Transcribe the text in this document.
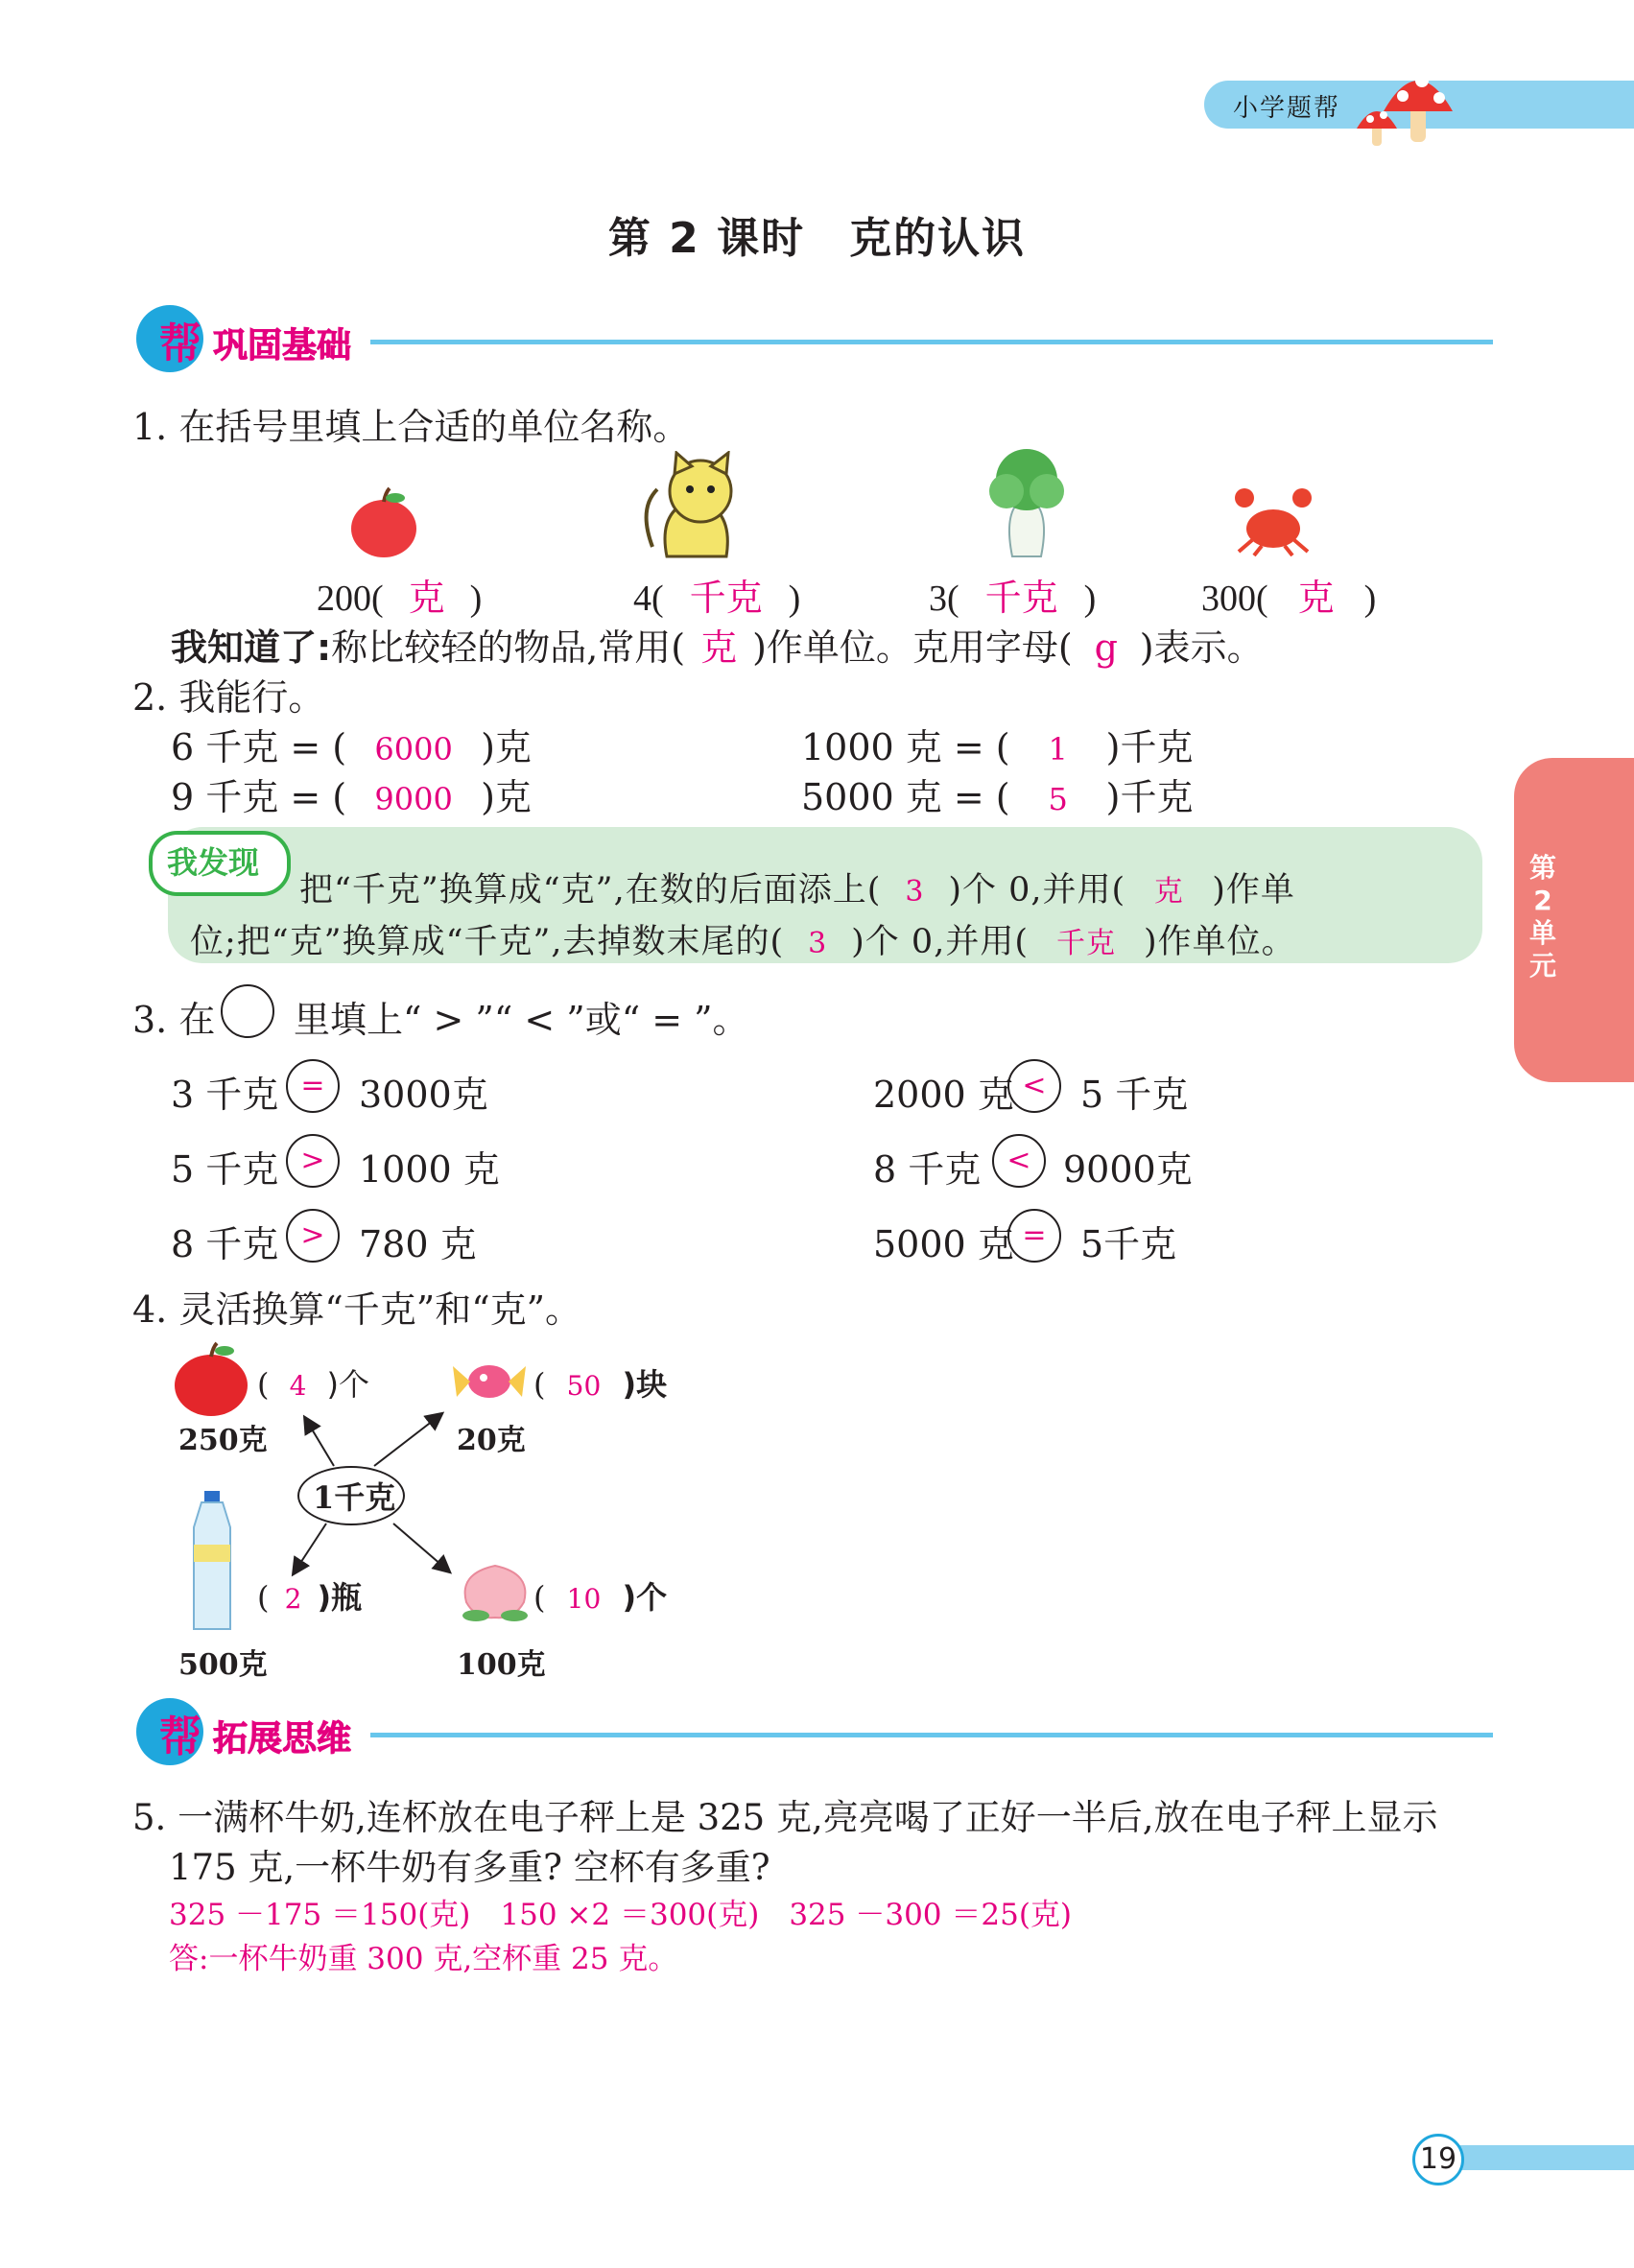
小学题帮
第 2 课时　克的认识
帮 巩固基础
第2单元
1. 在括号里填上合适的单位名称。
200( 克 )	4( 千克 )	3( 千克 )	300( 克 )
我知道了:称比较轻的物品,常用( 克 )作单位。克用字母( g )表示。
2. 我能行。
6 千克 = ( 6000 )克	1000 克 = ( 1 )千克
9 千克 = ( 9000 )克	5000 克 = ( 5 )千克
我发现
把“千克”换算成“克”,在数的后面添上( 3 )个 0,并用( 克 )作单
位;把“克”换算成“千克”,去掉数末尾的( 3 )个 0,并用( 千克 )作单位。
3. 在 里填上“ > ”“ < ”或“ = ”。
3 千克 = 3000克	2000 克 < 5 千克
5 千克 > 1000 克	8 千克 < 9000克
8 千克 > 780 克	5000 克 = 5千克
4. 灵活换算“千克”和“克”。
( 4 )个
250克
( 50 )块
20克
1千克
( 2 )瓶
500克
( 10 )个
100克
帮 拓展思维
5. 一满杯牛奶,连杯放在电子秤上是 325 克,亮亮喝了正好一半后,放在电子秤上显示
175 克,一杯牛奶有多重? 空杯有多重?
325 －175 ＝150(克)　150 ×2 ＝300(克)　325 －300 ＝25(克)
答:一杯牛奶重 300 克,空杯重 25 克。
19
